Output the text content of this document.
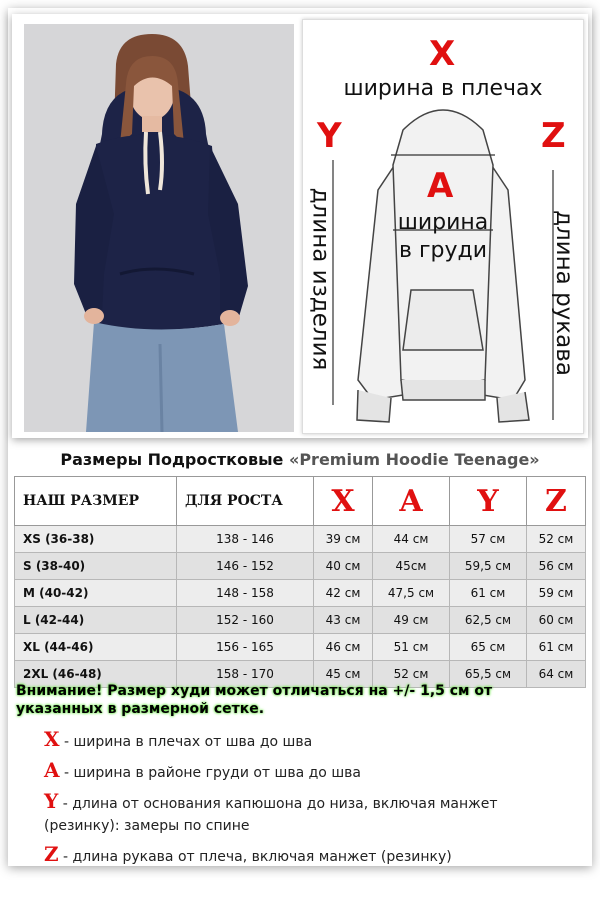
X
ширина в плечах
Y	Z
A
ширина
в груди
длина изделия	длина рукава
Размеры Подростковые «Premium Hoodie Teenage»
НАШ РАЗМЕР	ДЛЯ РОСТА	X	A	Y	Z
XS (36-38)	138 - 146	39 см	44 см	57 см	52 см
S (38-40)	146 - 152	40 см	45см	59,5 см	56 см
M (40-42)	148 - 158	42 см	47,5 см	61 см	59 см
L (42-44)	152 - 160	43 см	49 см	62,5 см	60 см
XL (44-46)	156 - 165	46 см	51 см	65 см	61 см
2XL (46-48)	158 - 170	45 см	52 см	65,5 см	64 см
Внимание! Размер худи может отличаться на +/- 1,5 см от указанных в размерной сетке.
X - ширина в плечах от шва до шва
A - ширина в районе груди от шва до шва
Y - длина от основания капюшона до низа, включая манжет (резинку): замеры по спине
Z - длина рукава от плеча, включая манжет (резинку)
